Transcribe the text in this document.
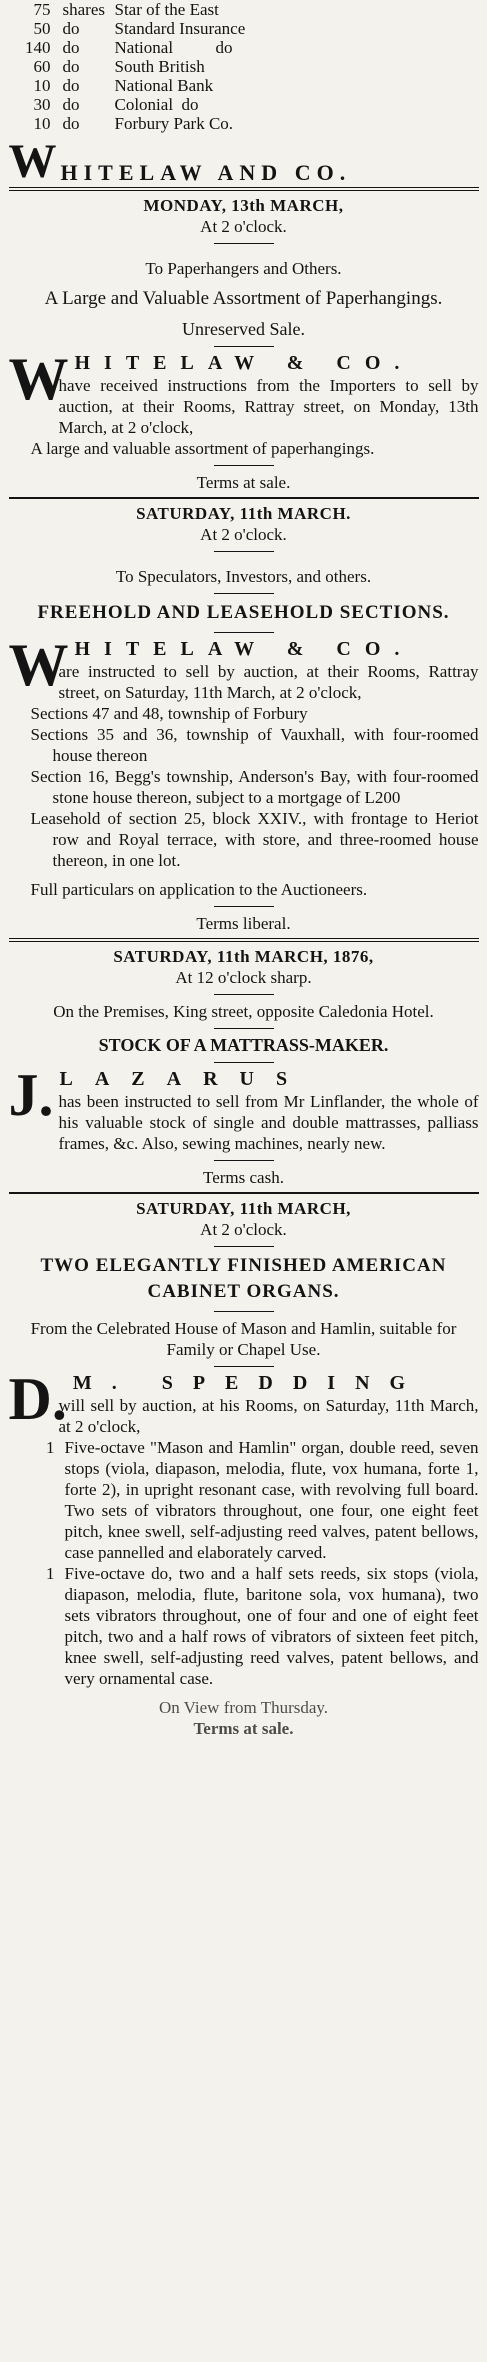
75 shares Star of the East
50 do	Standard Insurance
140 do	National          do
60 do	South British
10 do	National Bank
30 do	Colonial  do
10 do	Forbury Park Co.
W HITELAW AND CO.
MONDAY, 13th MARCH,
At 2 o'clock.
To Paperhangers and Others.
A Large and Valuable Assortment of Paperhangings.
Unreserved Sale.
W HITELAW & CO.
have received instructions from the Importers to sell by auction, at their Rooms, Rattray street, on Monday, 13th March, at 2 o'clock,
A large and valuable assortment of paperhangings.
Terms at sale.
SATURDAY, 11th MARCH.
At 2 o'clock.
To Speculators, Investors, and others.
FREEHOLD AND LEASEHOLD SECTIONS.
W HITELAW & CO.
are instructed to sell by auction, at their Rooms, Rattray street, on Saturday, 11th March, at 2 o'clock,
Sections 47 and 48, township of Forbury
Sections 35 and 36, township of Vauxhall, with four-roomed house thereon
Section 16, Begg's township, Anderson's Bay, with four-roomed stone house thereon, subject to a mortgage of L200
Leasehold of section 25, block XXIV., with frontage to Heriot row and Royal terrace, with store, and three-roomed house thereon, in one lot.
Full particulars on application to the Auctioneers.
Terms liberal.
SATURDAY, 11th MARCH, 1876,
At 12 o'clock sharp.
On the Premises, King street, opposite Caledonia Hotel.
STOCK OF A MATTRASS-MAKER.
J. LAZARUS
has been instructed to sell from Mr Linflander, the whole of his valuable stock of single and double mattrasses, palliass frames, &c. Also, sewing machines, nearly new.
Terms cash.
SATURDAY, 11th MARCH,
At 2 o'clock.
TWO ELEGANTLY FINISHED AMERICAN CABINET ORGANS.
From the Celebrated House of Mason and Hamlin, suitable for Family or Chapel Use.
D. M. SPEDDING
will sell by auction, at his Rooms, on Saturday, 11th March, at 2 o'clock,
1 Five-octave "Mason and Hamlin" organ, double reed, seven stops (viola, diapason, melodia, flute, vox humana, forte 1, forte 2), in upright resonant case, with revolving full board. Two sets of vibrators throughout, one four, one eight feet pitch, knee swell, self-adjusting reed valves, patent bellows, case pannelled and elaborately carved.
1 Five-octave do, two and a half sets reeds, six stops (viola, diapason, melodia, flute, baritone sola, vox humana), two sets vibrators throughout, one of four and one of eight feet pitch, two and a half rows of vibrators of sixteen feet pitch, knee swell, self-adjusting reed valves, patent bellows, and very ornamental case.
On View from Thursday.
Terms at sale.
